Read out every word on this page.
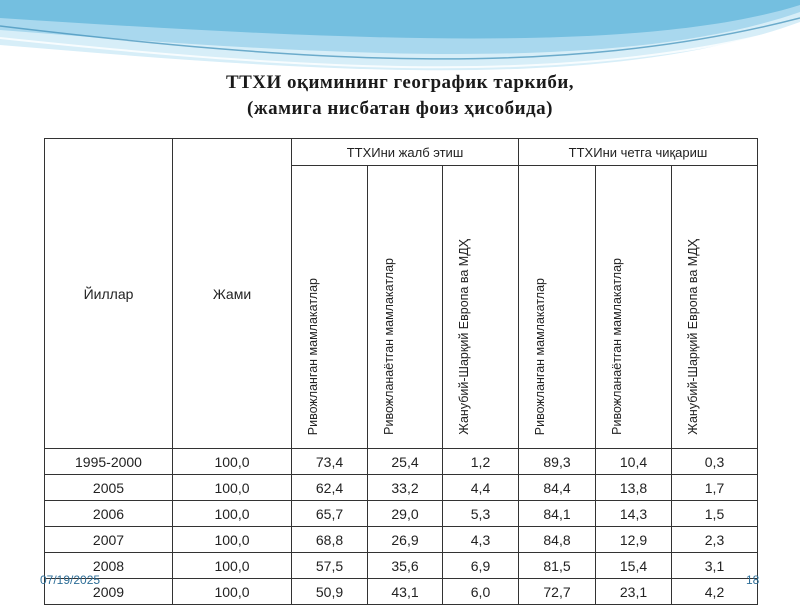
ТТХИ оқимининг географик таркиби,
(жамига нисбатан фоиз ҳисобида)
Йиллар	Жами	ТТХИни жалб этиш			ТТХИни четга чиқариш		
		Ривожланган мамлакатлар	Ривожланаётган мамлакатлар	Жанубий-Шарқий Европа ва МДҲ	Ривожланган мамлакатлар	Ривожланаётган мамлакатлар	Жанубий-Шарқий Европа ва МДҲ
1995-2000	100,0	73,4	25,4	1,2	89,3	10,4	0,3
2005	100,0	62,4	33,2	4,4	84,4	13,8	1,7
2006	100,0	65,7	29,0	5,3	84,1	14,3	1,5
2007	100,0	68,8	26,9	4,3	84,8	12,9	2,3
2008	100,0	57,5	35,6	6,9	81,5	15,4	3,1
2009	100,0	50,9	43,1	6,0	72,7	23,1	4,2
07/19/2025	18
